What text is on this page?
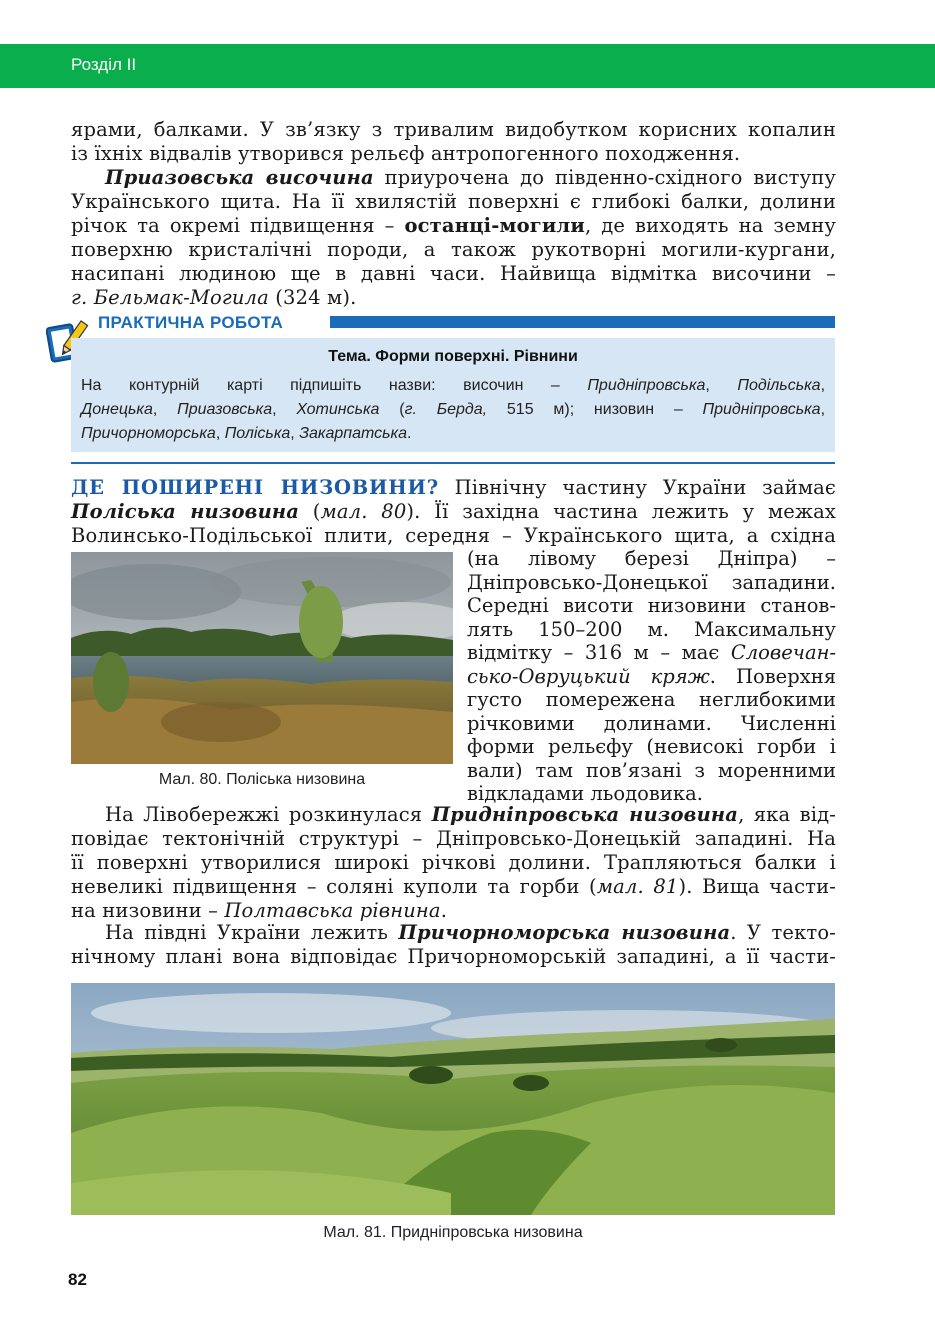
Розділ ІІ
ярами, балками. У зв’язку з тривалим видобутком корисних копалин
із їхніх відвалів утворився рельєф антропогенного походження.
Приазовська височина приурочена до південно-східного виступу
Українського щита. На її хвилястій поверхні є глибокі балки, долини
річок та окремі підвищення – останці-могили, де виходять на земну
поверхню кристалічні породи, а також рукотворні могили-кургани,
насипані людиною ще в давні часи. Найвища відмітка височини –
г. Бельмак-Могила (324 м).
ПРАКТИЧНА РОБОТА
Тема. Форми поверхні. Рівнини
На контурній карті підпишіть назви: височин – Придніпровська, Подільська,
Донецька, Приазовська, Хотинська (г. Берда, 515 м); низовин – Придніпровська,
Причорноморська, Поліська, Закарпатська.
ДЕ ПОШИРЕНІ НИЗОВИНИ? Північну частину України займає
Поліська низовина (мал. 80). Її західна частина лежить у межах
Волинсько-Подільської плити, середня – Українського щита, а східна
Мал. 80. Поліська низовина
(на лівому березі Дніпра) –
Дніпровсько-Донецької западини.
Середні висоти низовини станов-
лять 150–200 м. Максимальну
відмітку – 316 м – має Словечан-
сько-Овруцький кряж. Поверхня
густо помережена неглибокими
річковими долинами. Численні
форми рельєфу (невисокі горби і
вали) там пов’язані з моренними
відкладами льодовика.
На Лівобережжі розкинулася Придніпровська низовина, яка від-
повідає тектонічній структурі – Дніпровсько-Донецькій западині. На
її поверхні утворилися широкі річкові долини. Трапляються балки і
невеликі підвищення – соляні куполи та горби (мал. 81). Вища части-
на низовини – Полтавська рівнина.
На півдні України лежить Причорноморська низовина. У текто-
нічному плані вона відповідає Причорноморській западині, а її части-
Мал. 81. Придніпровська низовина
82
